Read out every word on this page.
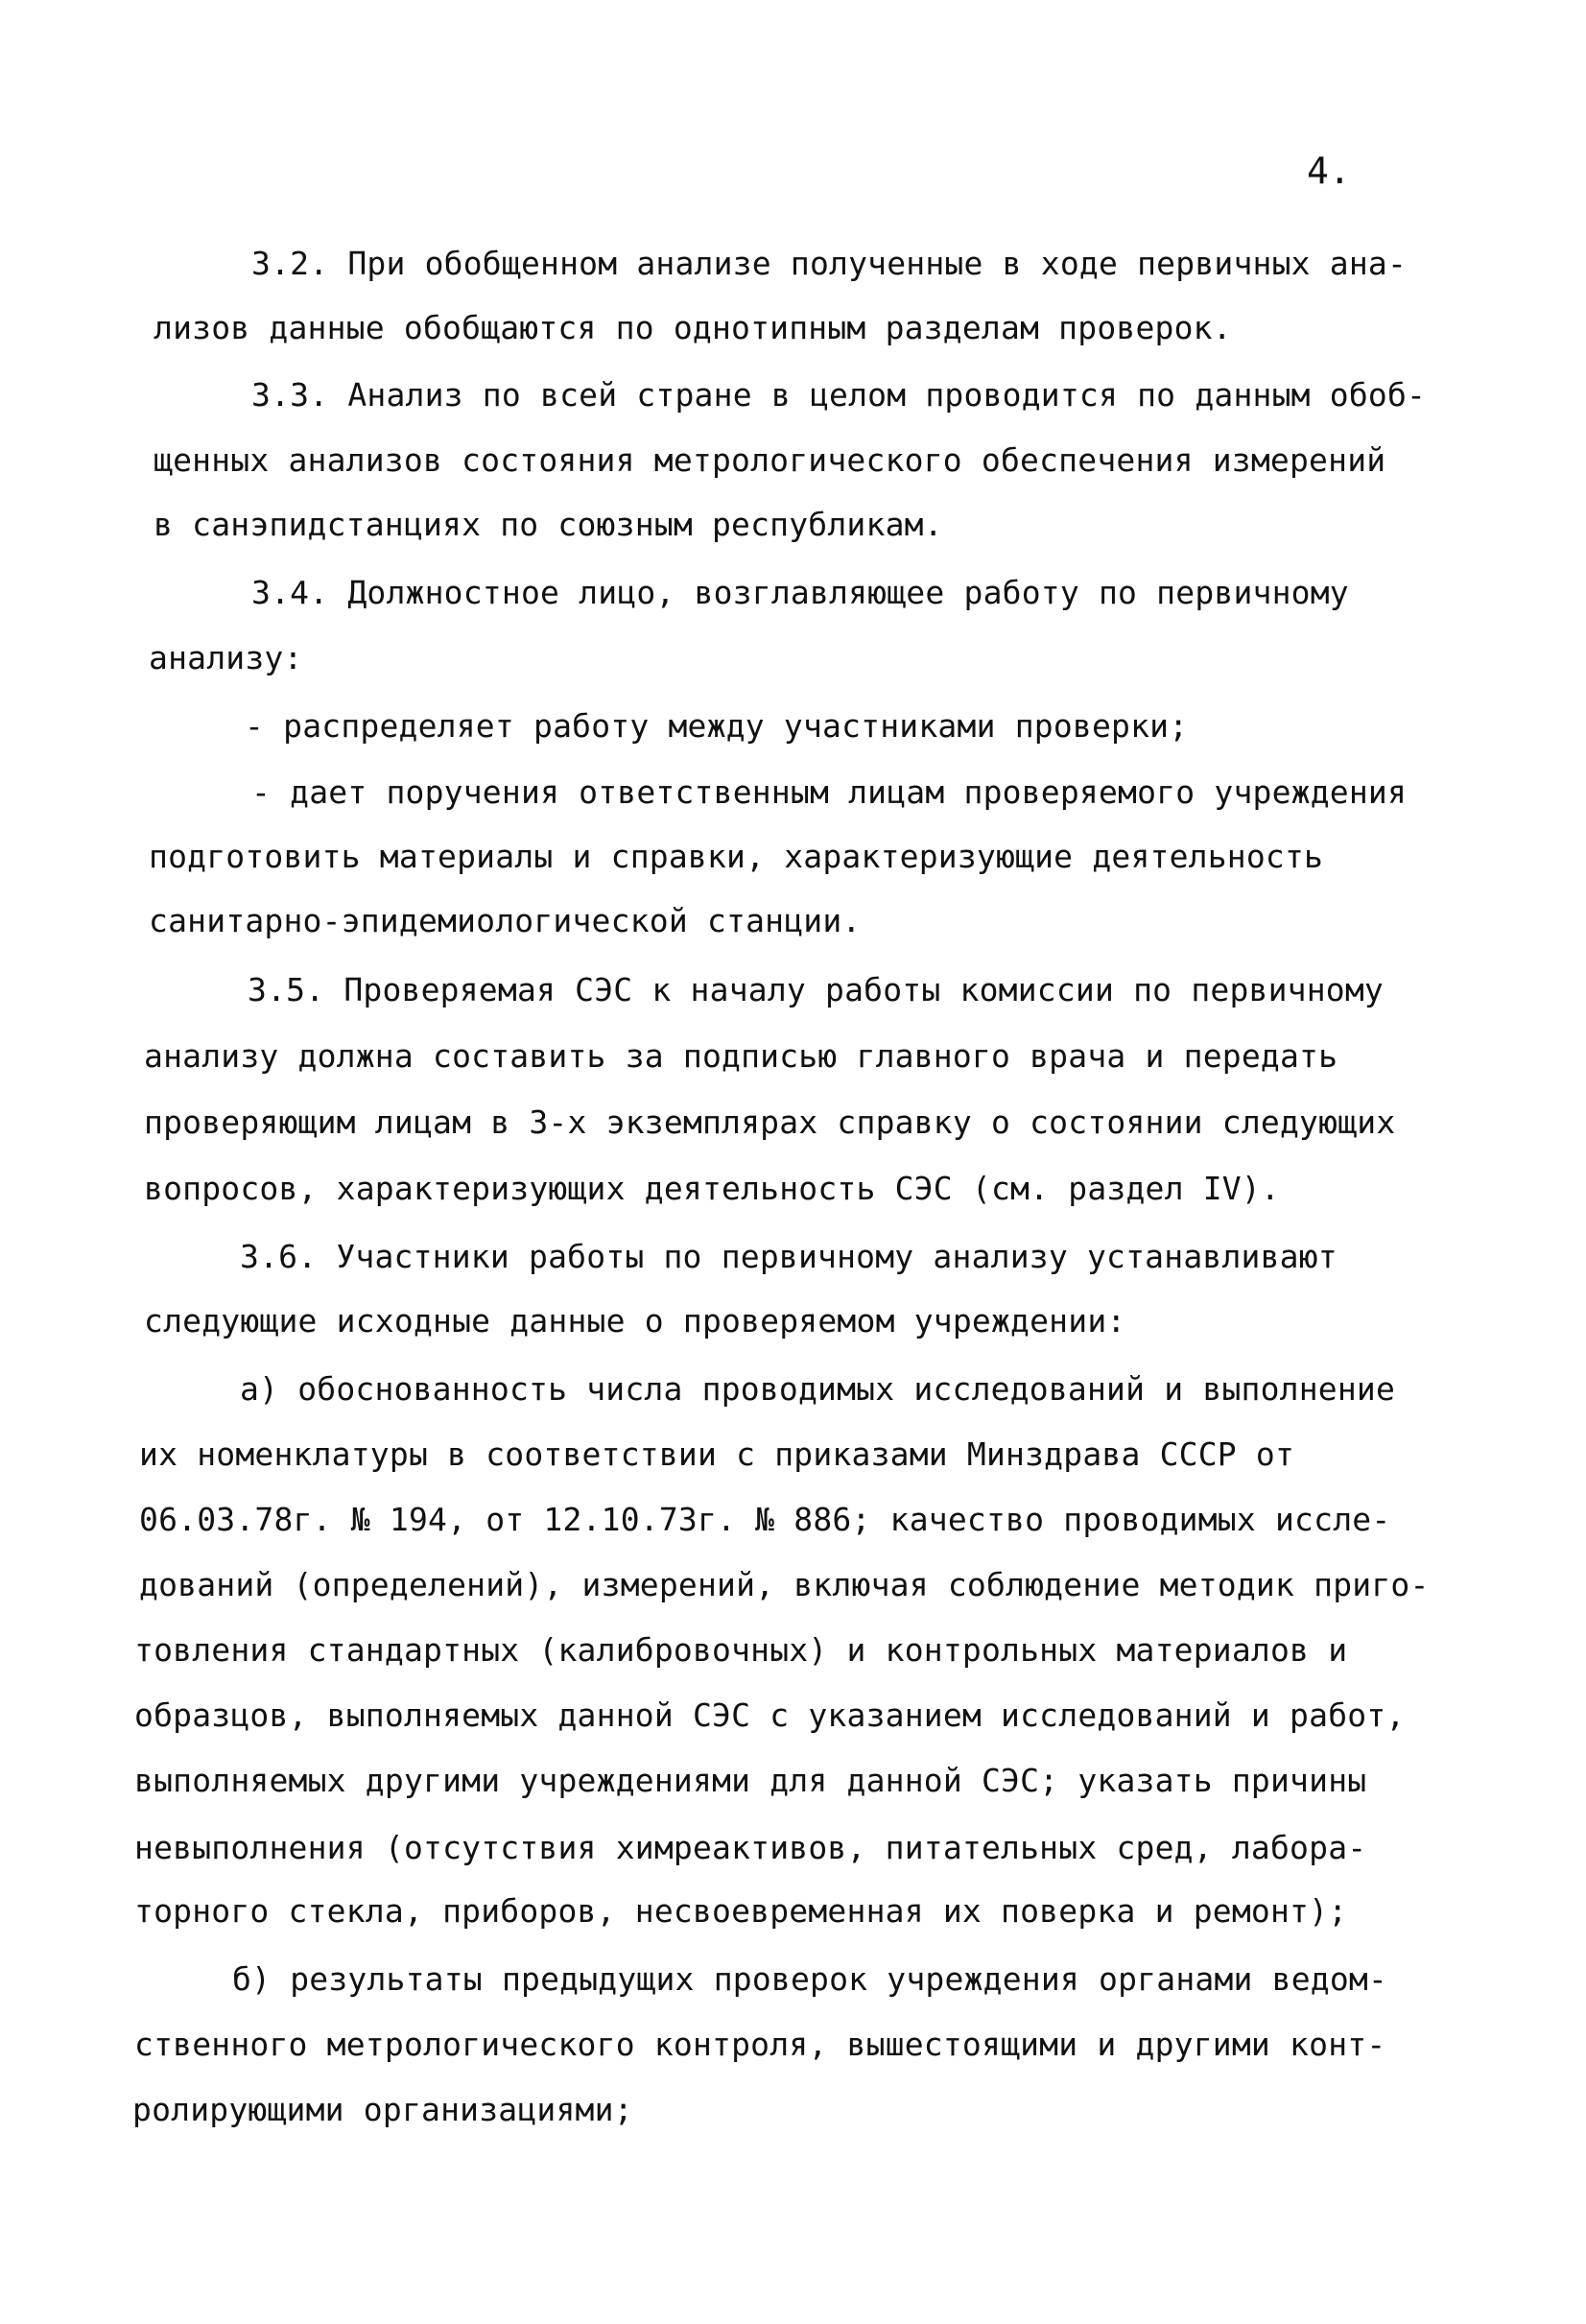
4.
3.2. При обобщенном анализе полученные в ходе первичных ана-
лизов данные обобщаются по однотипным разделам проверок.
3.3. Анализ по всей стране в целом проводится по данным обоб-
щенных анализов состояния метрологического обеспечения измерений
в санэпидстанциях по союзным республикам.
3.4. Должностное лицо, возглавляющее работу по первичному
анализу:
- распределяет работу между участниками проверки;
- дает поручения ответственным лицам проверяемого учреждения
подготовить материалы и справки, характеризующие деятельность
санитарно-эпидемиологической станции.
3.5. Проверяемая СЭС к началу работы комиссии по первичному
анализу должна составить за подписью главного врача и передать
проверяющим лицам в 3-х экземплярах справку о состоянии следующих
вопросов, характеризующих деятельность СЭС (см. раздел IV).
3.6. Участники работы по первичному анализу устанавливают
следующие исходные данные о проверяемом учреждении:
а) обоснованность числа проводимых исследований и выполнение
их номенклатуры в соответствии с приказами Минздрава СССР от
06.03.78г. № 194, от 12.10.73г. № 886; качество проводимых иссле-
дований (определений), измерений, включая соблюдение методик приго-
товления стандартных (калибровочных) и контрольных материалов и
образцов, выполняемых данной СЭС с указанием исследований и работ,
выполняемых другими учреждениями для данной СЭС; указать причины
невыполнения (отсутствия химреактивов, питательных сред, лабора-
торного стекла, приборов, несвоевременная их поверка и ремонт);
б) результаты предыдущих проверок учреждения органами ведом-
ственного метрологического контроля, вышестоящими и другими конт-
ролирующими организациями;
